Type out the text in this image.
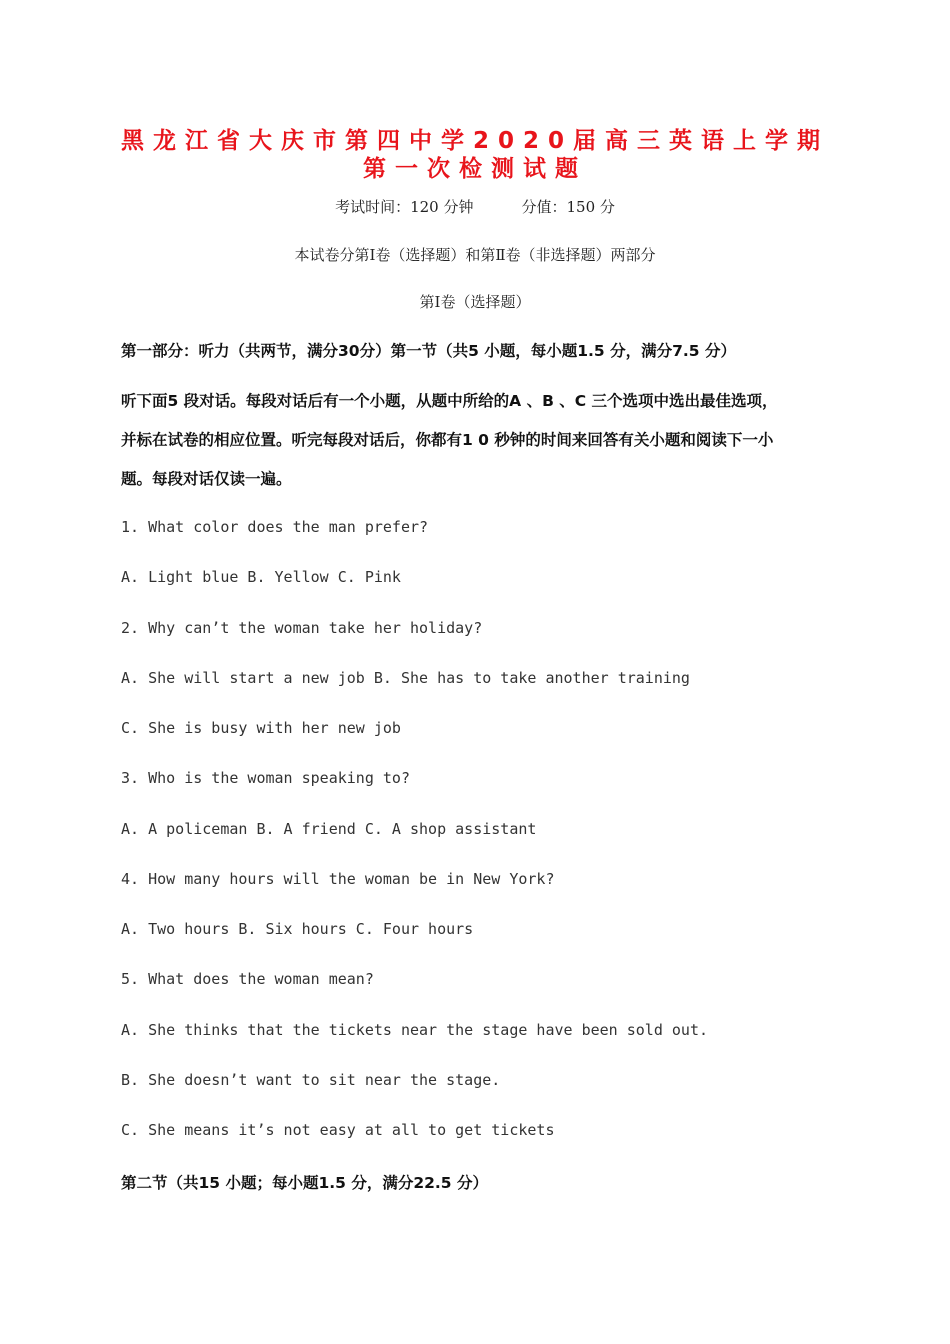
黑龙江省大庆市第四中学2020届高三英语上学期
第一次检测试题
考试时间：120 分钟	分值：150 分
本试卷分第Ⅰ卷（选择题）和第Ⅱ卷（非选择题）两部分
第Ⅰ卷（选择题）
第一部分：听力（共两节，满分30分）第一节（共5 小题，每小题1.5 分，满分7.5 分）
听下面5 段对话。每段对话后有一个小题，从题中所给的A 、B 、C 三个选项中选出最佳选项，
并标在试卷的相应位置。听完每段对话后，你都有1 0 秒钟的时间来回答有关小题和阅读下一小
题。每段对话仅读一遍。
1. What color does the man prefer?
A. Light blue B. Yellow C. Pink
2. Why can’t the woman take her holiday?
A. She will start a new job B. She has to take another training
C. She is busy with her new job
3. Who is the woman speaking to?
A. A policeman B. A friend C. A shop assistant
4. How many hours will the woman be in New York?
A. Two hours B. Six hours C. Four hours
5. What does the woman mean?
A. She thinks that the tickets near the stage have been sold out.
B. She doesn’t want to sit near the stage.
C. She means it’s not easy at all to get tickets
第二节（共15 小题；每小题1.5 分，满分22.5 分）
